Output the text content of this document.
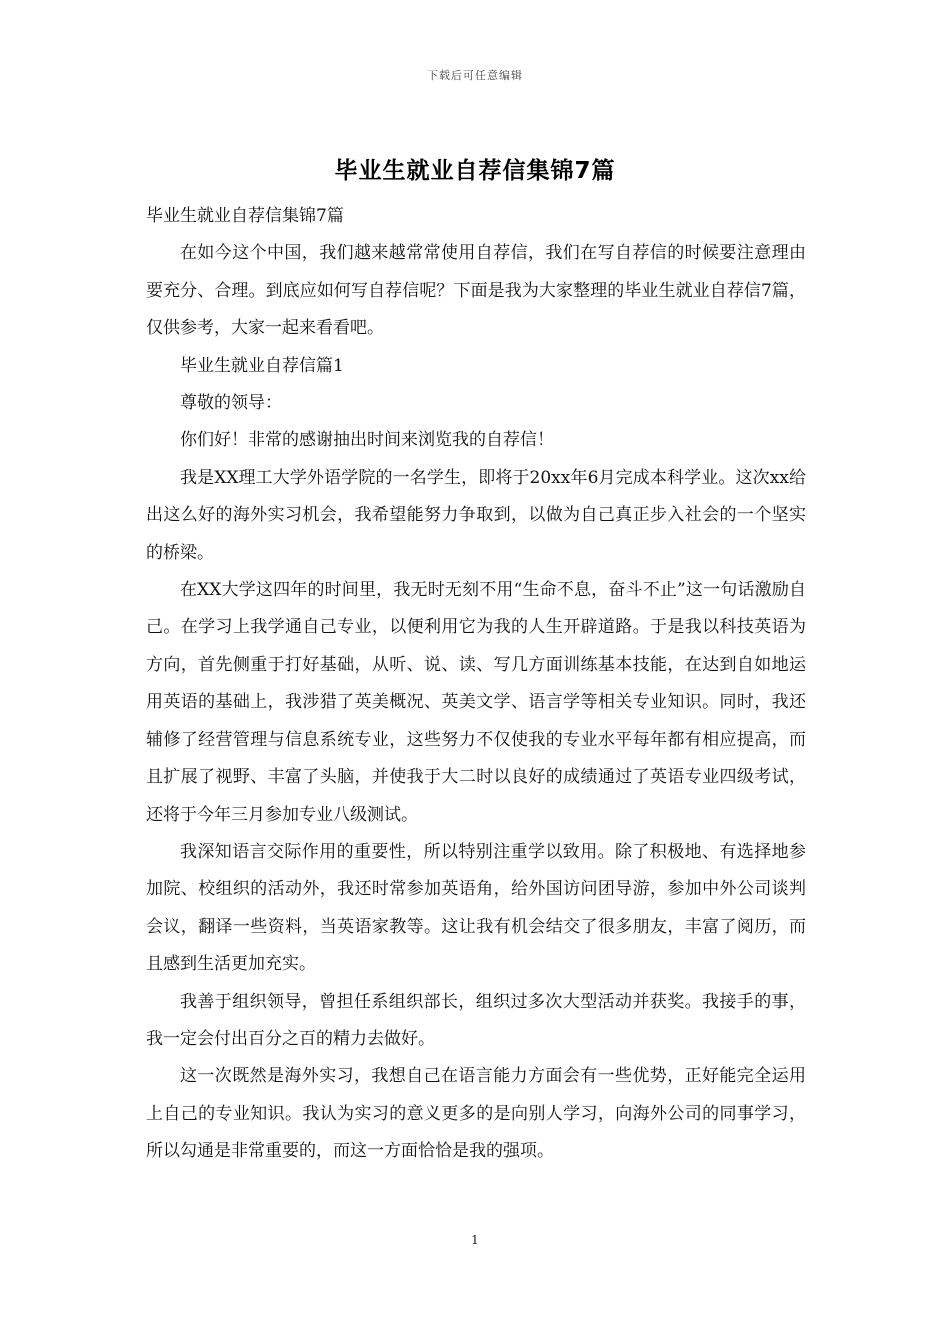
下载后可任意编辑
毕业生就业自荐信集锦7篇

毕业生就业自荐信集锦7篇

在如今这个中国，我们越来越常常使用自荐信，我们在写自荐信的时候要注意理由要充分、合理。到底应如何写自荐信呢？下面是我为大家整理的毕业生就业自荐信7篇，仅供参考，大家一起来看看吧。

毕业生就业自荐信篇1

尊敬的领导：

你们好！非常的感谢抽出时间来浏览我的自荐信！

我是XX理工大学外语学院的一名学生，即将于20xx年6月完成本科学业。这次xx给出这么好的海外实习机会，我希望能努力争取到，以做为自己真正步入社会的一个坚实的桥梁。

在XX大学这四年的时间里，我无时无刻不用“生命不息，奋斗不止”这一句话激励自己。在学习上我学通自己专业，以便利用它为我的人生开辟道路。于是我以科技英语为方向，首先侧重于打好基础，从听、说、读、写几方面训练基本技能，在达到自如地运用英语的基础上，我涉猎了英美概况、英美文学、语言学等相关专业知识。同时，我还辅修了经营管理与信息系统专业，这些努力不仅使我的专业水平每年都有相应提高，而且扩展了视野、丰富了头脑，并使我于大二时以良好的成绩通过了英语专业四级考试，还将于今年三月参加专业八级测试。

我深知语言交际作用的重要性，所以特别注重学以致用。除了积极地、有选择地参加院、校组织的活动外，我还时常参加英语角，给外国访问团导游，参加中外公司谈判会议，翻译一些资料，当英语家教等。这让我有机会结交了很多朋友，丰富了阅历，而且感到生活更加充实。

我善于组织领导，曾担任系组织部长，组织过多次大型活动并获奖。我接手的事，我一定会付出百分之百的精力去做好。

这一次既然是海外实习，我想自己在语言能力方面会有一些优势，正好能完全运用上自己的专业知识。我认为实习的意义更多的是向别人学习，向海外公司的同事学习，所以勾通是非常重要的，而这一方面恰恰是我的强项。

1
